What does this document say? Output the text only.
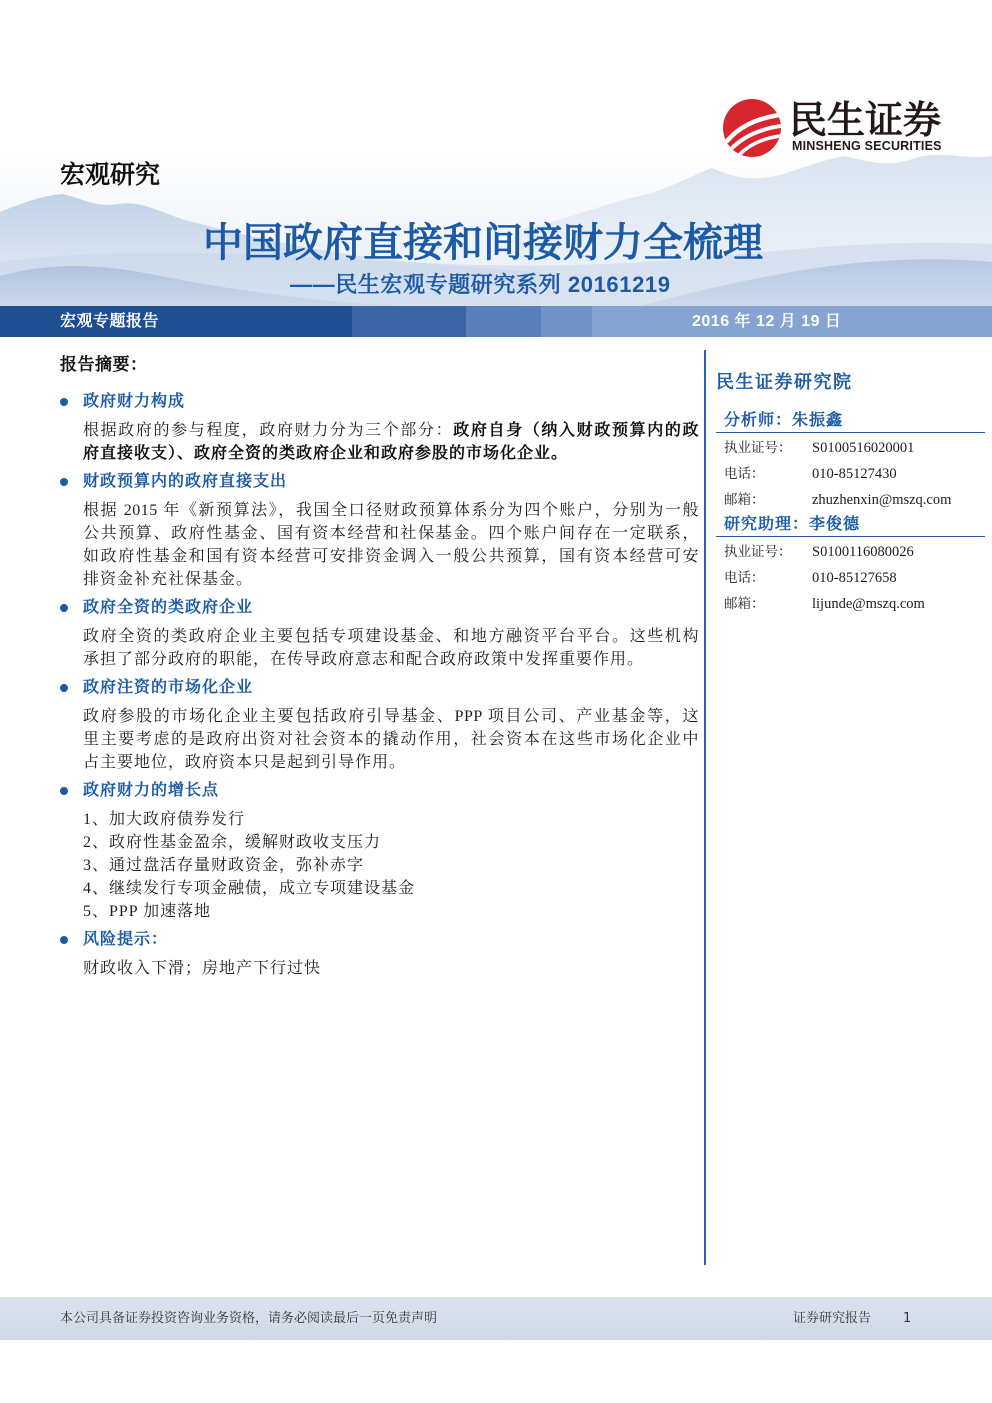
民生证券
MINSHENG SECURITIES
宏观研究
中国政府直接和间接财力全梳理
——民生宏观专题研究系列 20161219
宏观专题报告	2016 年 12 月 19 日
报告摘要：
政府财力构成
根据政府的参与程度，政府财力分为三个部分：政府自身（纳入财政预算内的政
府直接收支）、政府全资的类政府企业和政府参股的市场化企业。
财政预算内的政府直接支出
根据 2015 年《新预算法》，我国全口径财政预算体系分为四个账户，分别为一般
公共预算、政府性基金、国有资本经营和社保基金。四个账户间存在一定联系，
如政府性基金和国有资本经营可安排资金调入一般公共预算，国有资本经营可安
排资金补充社保基金。
政府全资的类政府企业
政府全资的类政府企业主要包括专项建设基金、和地方融资平台平台。这些机构
承担了部分政府的职能，在传导政府意志和配合政府政策中发挥重要作用。
政府注资的市场化企业
政府参股的市场化企业主要包括政府引导基金、PPP 项目公司、产业基金等，这
里主要考虑的是政府出资对社会资本的撬动作用，社会资本在这些市场化企业中
占主要地位，政府资本只是起到引导作用。
政府财力的增长点
1、加大政府债券发行
2、政府性基金盈余，缓解财政收支压力
3、通过盘活存量财政资金，弥补赤字
4、继续发行专项金融债，成立专项建设基金
5、PPP 加速落地
风险提示：
财政收入下滑；房地产下行过快
民生证券研究院
分析师：朱振鑫
执业证号： S0100516020001
电话：	010-85127430
邮箱：	zhuzhenxin@mszq.com
研究助理：李俊德
执业证号： S0100116080026
电话：	010-85127658
邮箱：	lijunde@mszq.com
本公司具备证券投资咨询业务资格，请务必阅读最后一页免责声明	证券研究报告 1
